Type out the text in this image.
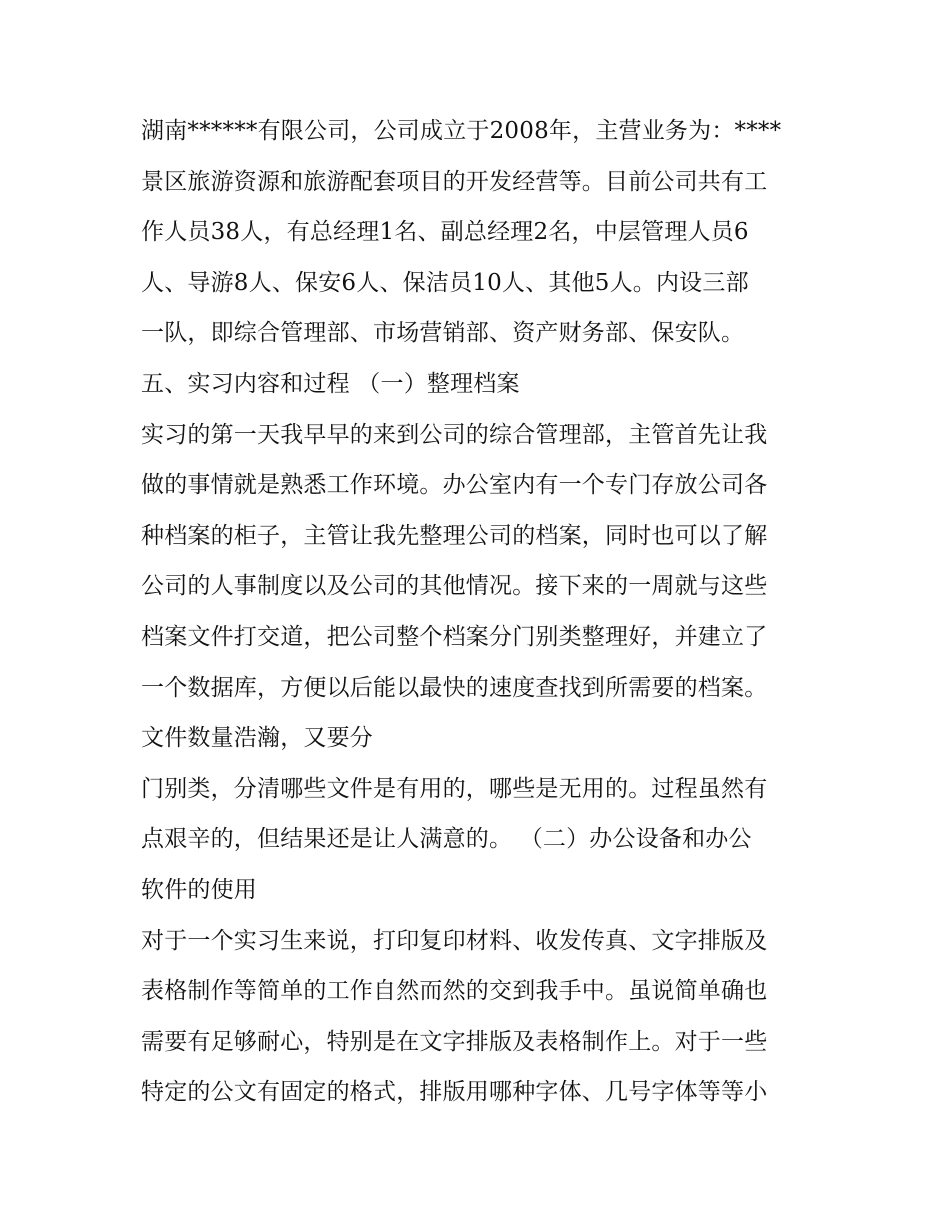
湖南******有限公司，公司成立于2008年，主营业务为：****
景区旅游资源和旅游配套项目的开发经营等。目前公司共有工
作人员38人，有总经理1名、副总经理2名，中层管理人员6
人、导游8人、保安6人、保洁员10人、其他5人。内设三部
一队，即综合管理部、市场营销部、资产财务部、保安队。
五、实习内容和过程 （一）整理档案
实习的第一天我早早的来到公司的综合管理部，主管首先让我
做的事情就是熟悉工作环境。办公室内有一个专门存放公司各
种档案的柜子，主管让我先整理公司的档案，同时也可以了解
公司的人事制度以及公司的其他情况。接下来的一周就与这些
档案文件打交道，把公司整个档案分门别类整理好，并建立了
一个数据库，方便以后能以最快的速度查找到所需要的档案。
文件数量浩瀚，又要分
门别类，分清哪些文件是有用的，哪些是无用的。过程虽然有
点艰辛的，但结果还是让人满意的。 （二）办公设备和办公
软件的使用
对于一个实习生来说，打印复印材料、收发传真、文字排版及
表格制作等简单的工作自然而然的交到我手中。虽说简单确也
需要有足够耐心，特别是在文字排版及表格制作上。对于一些
特定的公文有固定的格式，排版用哪种字体、几号字体等等小
